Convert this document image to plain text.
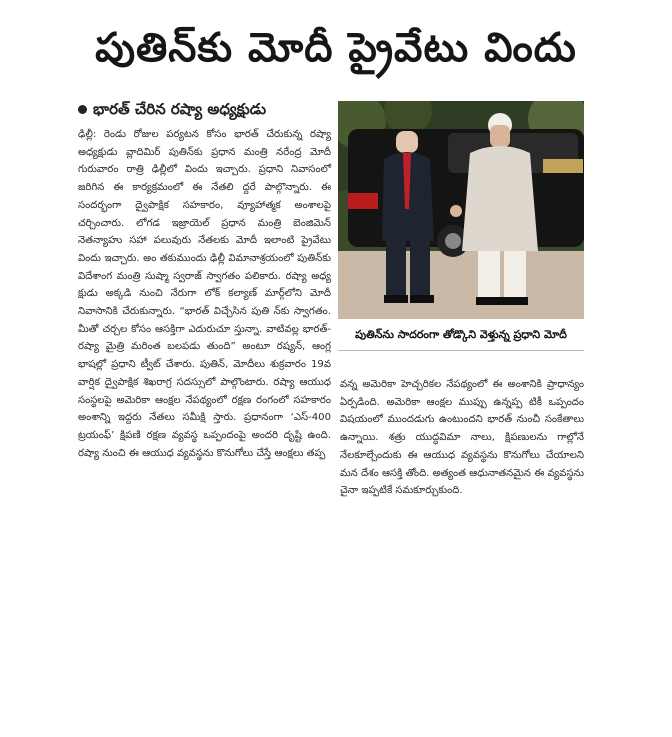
పుతిన్‌కు మోదీ ప్రైవేటు విందు
భారత్ చేరిన రష్యా అధ్యక్షుడు
ఢిల్లీ: రెండు రోజుల పర్యటన కోసం భారత్ చేరుకున్న రష్యా అధ్యక్షుడు వ్లాదిమిర్ పుతిన్‌కు ప్రధాన మంత్రి నరేంద్ర మోదీ గురువారం రాత్రి ఢిల్లీలో విందు ఇచ్చారు. ప్రధాని నివాసంలో జరిగిన ఈ కార్యక్రమంలో ఈ నేతలి ద్దరే పాల్గొన్నారు. ఈ సందర్భంగా ద్వైపాక్షిక సహకారం, వ్యూహాత్మక అంశాలపై చర్చించారు. లోగడ ఇజ్రాయెల్ ప్రధాన మంత్రి బెంజిమెన్ నెతన్యాహు సహా పలువురు నేతలకు మోదీ ఇలాంటి ప్రైవేటు విందు ఇచ్చారు. అం తకుముందు ఢిల్లీ విమానాశ్రయంలో పుతిన్‌కు విదేశాంగ మంత్రి సుష్మా స్వరాజ్ స్వాగతం పలికారు. రష్యా అధ్య క్షుడు అక్కడి నుంచి నేరుగా లోక్ కల్యాణ్ మార్గ్‌లోని మోదీ నివాసానికి చేరుకున్నారు. “భారత్ విచ్చేసిన పుతి న్‌కు స్వాగతం. మీతో చర్చల కోసం ఆసక్తిగా ఎదురుచూ స్తున్నా. వాటివల్ల భారత్-రష్యా మైత్రి మరింత బలపడు తుంది” అంటూ రష్యన్, ఆంగ్ల భాషల్లో ప్రధాని ట్వీట్ చేశారు. పుతిన్, మోదీలు శుక్రవారం 19వ వార్షిక ద్వైపాక్షిక శిఖరాగ్ర సదస్సులో పాల్గొంటారు. రష్యా ఆయుధ సంస్థలపై అమెరికా ఆంక్షల నేపథ్యంలో రక్షణ రంగంలో సహకారం అంశాన్ని ఇద్దరు నేతలు సమీక్షి స్తారు. ప్రధానంగా ‘ఎస్-400 ట్రయంఫ్’ క్షిపణి రక్షణ వ్యవస్థ ఒప్పందంపై అందరి దృష్టి ఉంది. రష్యా నుంచి ఈ ఆయుధ వ్యవస్థను కొనుగోలు చేస్తే ఆంక్షలు తప్ప
పుతిన్‌ను సాదరంగా తోడ్కొని వెళ్తున్న ప్రధాని మోదీ
వన్న అమెరికా హెచ్చరికల నేపథ్యంలో ఈ అంశానికి ప్రాధాన్యం ఏర్పడింది. అమెరికా ఆంక్షల ముప్పు ఉన్నప్ప టికీ ఒప్పందం విషయంలో ముందడుగు ఉంటుందని భారత్ నుంచీ సంకేతాలు ఉన్నాయి. శత్రు యుద్ధవిమా నాలు, క్షిపణులను గాల్లోనే నేలకూల్చేందుకు ఈ ఆయుధ వ్యవస్థను కొనుగోలు చేయాలని మన దేశం ఆసక్తి తోంది. అత్యంత ఆధునాతనమైన ఈ వ్యవస్థను చైనా ఇప్పటికే సమకూర్చుకుంది.
